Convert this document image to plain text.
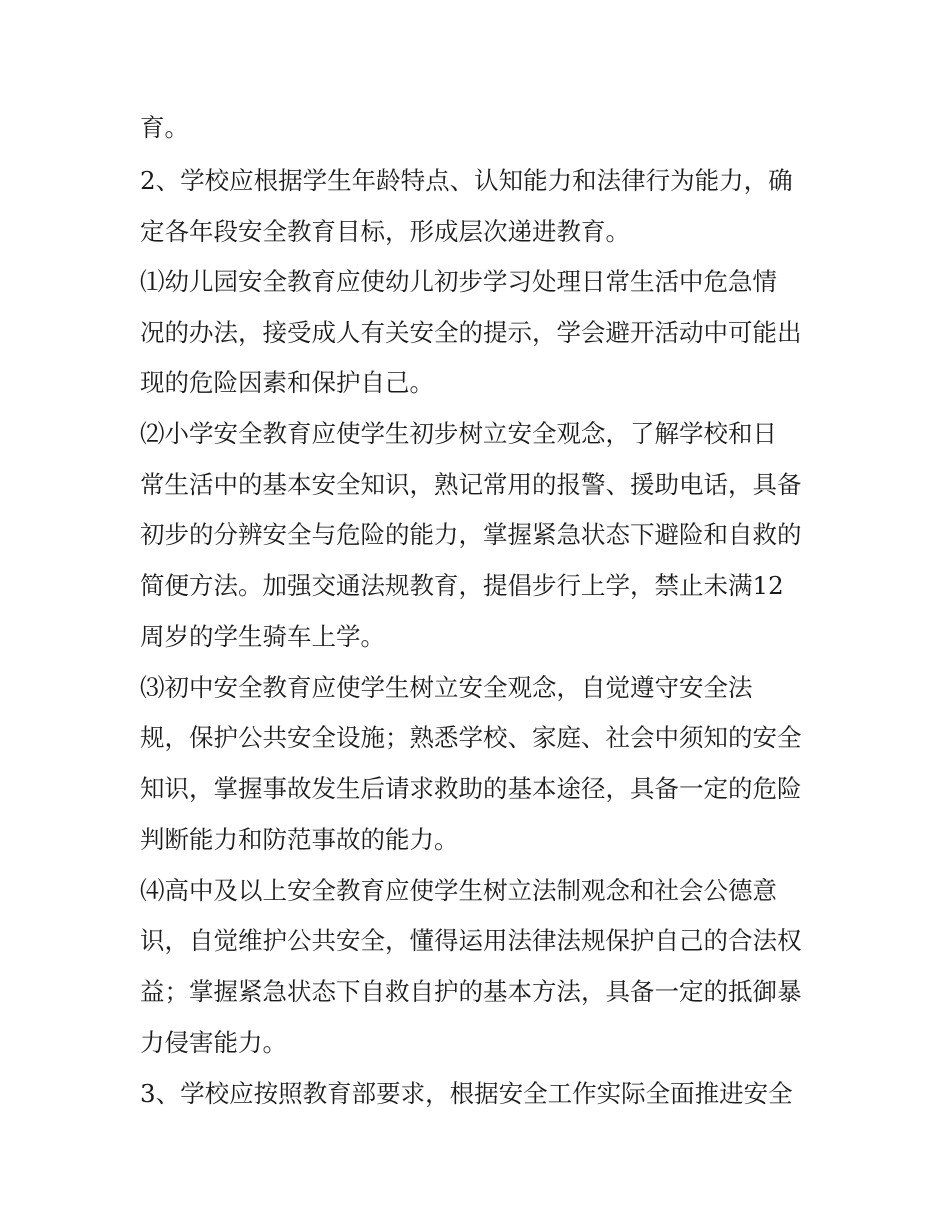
育。
2、学校应根据学生年龄特点、认知能力和法律行为能力，确
定各年段安全教育目标，形成层次递进教育。
⑴幼儿园安全教育应使幼儿初步学习处理日常生活中危急情
况的办法，接受成人有关安全的提示，学会避开活动中可能出
现的危险因素和保护自己。
⑵小学安全教育应使学生初步树立安全观念，了解学校和日
常生活中的基本安全知识，熟记常用的报警、援助电话，具备
初步的分辨安全与危险的能力，掌握紧急状态下避险和自救的
简便方法。加强交通法规教育，提倡步行上学，禁止未满12
周岁的学生骑车上学。
⑶初中安全教育应使学生树立安全观念，自觉遵守安全法
规，保护公共安全设施；熟悉学校、家庭、社会中须知的安全
知识，掌握事故发生后请求救助的基本途径，具备一定的危险
判断能力和防范事故的能力。
⑷高中及以上安全教育应使学生树立法制观念和社会公德意
识，自觉维护公共安全，懂得运用法律法规保护自己的合法权
益；掌握紧急状态下自救自护的基本方法，具备一定的抵御暴
力侵害能力。
3、学校应按照教育部要求，根据安全工作实际全面推进安全
